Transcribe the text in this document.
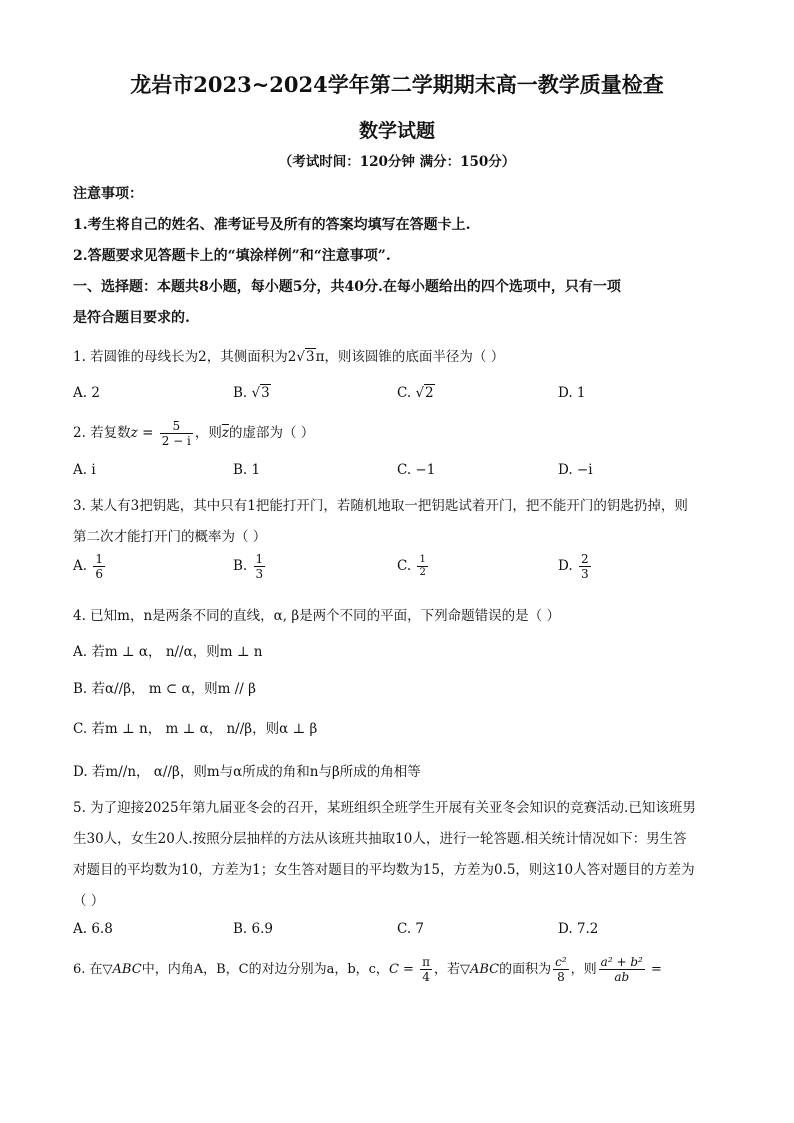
龙岩市2023~2024学年第二学期期末高一教学质量检查
数学试题
（考试时间：120分钟 满分：150分）
注意事项：
1.考生将自己的姓名、准考证号及所有的答案均填写在答题卡上.
2.答题要求见答题卡上的“填涂样例”和“注意事项”.
一、选择题：本题共8小题，每小题5分，共40分.在每小题给出的四个选项中，只有一项
是符合题目要求的.
1. 若圆锥的母线长为2，其侧面积为2√3π，则该圆锥的底面半径为（ ）
A. 2	B. √3	C. √2	D. 1
2. 若复数$z = \frac{5}{2 - i}$ ，则$\overline{z}$的虚部为（ ）
A. i	B. 1	C. −1	D. −i
3. 某人有3把钥匙，其中只有1把能打开门，若随机地取一把钥匙试着开门，把不能开门的钥匙扔掉，则
第二次才能打开门的概率为（ ）
A. $\frac{1}{6}$	B. $\frac{1}{3}$	C. $\frac{1}{2}$	D. $\frac{2}{3}$
4. 已知m，n是两条不同的直线，α, β是两个不同的平面，下列命题错误的是（ ）
A. 若m ⊥ α， n//α，则m ⊥ n
B. 若α//β， m ⊂ α，则m // β
C. 若m ⊥ n， m ⊥ α， n//β，则α ⊥ β
D. 若m//n， α//β，则m与α所成的角和n与β所成的角相等
5. 为了迎接2025年第九届亚冬会的召开，某班组织全班学生开展有关亚冬会知识的竞赛活动.已知该班男
生30人，女生20人.按照分层抽样的方法从该班共抽取10人，进行一轮答题.相关统计情况如下：男生答
对题目的平均数为10，方差为1；女生答对题目的平均数为15，方差为0.5，则这10人答对题目的方差为
（ ）
A. 6.8	B. 6.9	C. 7	D. 7.2
6. 在▽ABC中，内角A，B，C的对边分别为a，b，c，$C = \frac{\pi}{4}$ ，若▽ABC的面积为 $\frac{\text{c²}}{8}$ ，则 $\frac{\text{a² + b²}}{ab}$ =
